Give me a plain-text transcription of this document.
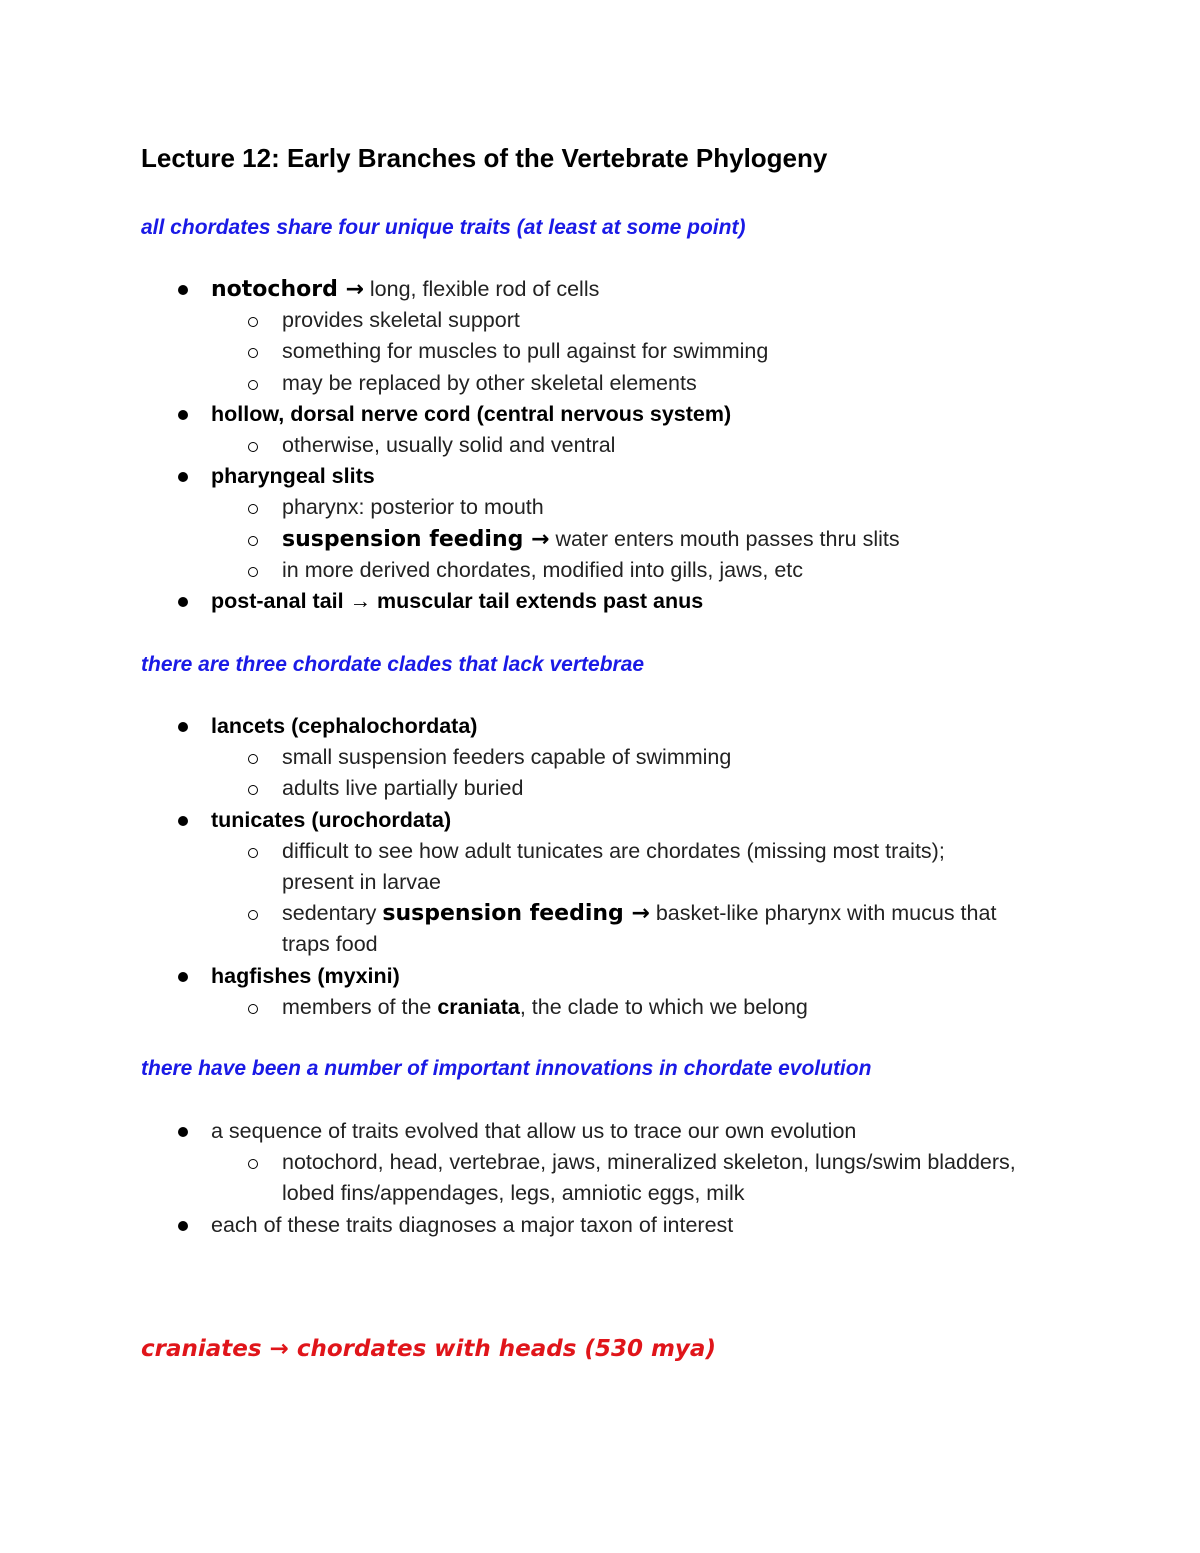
Lecture 12: Early Branches of the Vertebrate Phylogeny
all chordates share four unique traits (at least at some point)
notochord → long, flexible rod of cells
provides skeletal support
something for muscles to pull against for swimming
may be replaced by other skeletal elements
hollow, dorsal nerve cord (central nervous system)
otherwise, usually solid and ventral
pharyngeal slits
pharynx: posterior to mouth
suspension feeding → water enters mouth passes thru slits
in more derived chordates, modified into gills, jaws, etc
post-anal tail → muscular tail extends past anus
there are three chordate clades that lack vertebrae
lancets (cephalochordata)
small suspension feeders capable of swimming
adults live partially buried
tunicates (urochordata)
difficult to see how adult tunicates are chordates (missing most traits); present in larvae
sedentary suspension feeding → basket-like pharynx with mucus that traps food
hagfishes (myxini)
members of the craniata, the clade to which we belong
there have been a number of important innovations in chordate evolution
a sequence of traits evolved that allow us to trace our own evolution
notochord, head, vertebrae, jaws, mineralized skeleton, lungs/swim bladders, lobed fins/appendages, legs, amniotic eggs, milk
each of these traits diagnoses a major taxon of interest
craniates → chordates with heads (530 mya)
